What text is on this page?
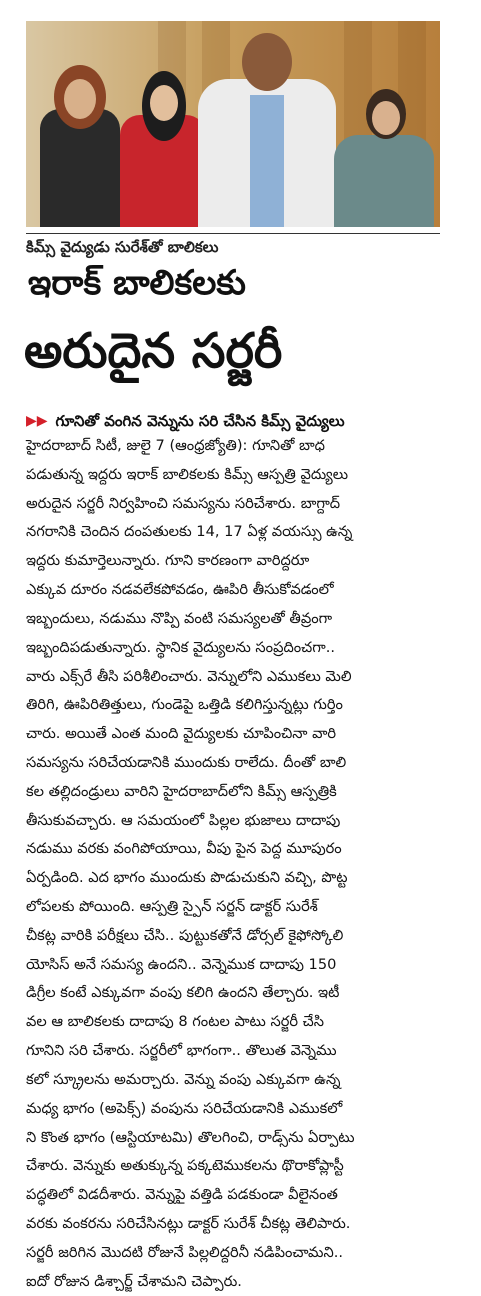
కిమ్స్ వైద్యుడు సురేశ్‌తో బాలికలు
ఇరాక్ బాలికలకు
అరుదైన సర్జరీ
▶▶ గూనితో వంగిన వెన్నును సరి చేసిన కిమ్స్ వైద్యులు
హైదరాబాద్ సిటీ, జులై 7 (ఆంధ్రజ్యోతి): గూనితో బాధ
పడుతున్న ఇద్దరు ఇరాక్ బాలికలకు కిమ్స్ ఆస్పత్రి వైద్యులు
అరుదైన సర్జరీ నిర్వహించి సమస్యను సరిచేశారు. బాగ్దాద్
నగరానికి చెందిన దంపతులకు 14, 17 ఏళ్ల వయస్సు ఉన్న
ఇద్దరు కుమార్తెలున్నారు. గూని కారణంగా వారిద్దరూ
ఎక్కువ దూరం నడవలేకపోవడం, ఊపిరి తీసుకోవడంలో
ఇబ్బందులు, నడుము నొప్పి వంటి సమస్యలతో తీవ్రంగా
ఇబ్బందిపడుతున్నారు. స్థానిక వైద్యులను సంప్రదించగా..
వారు ఎక్స్‌రే తీసి పరిశీలించారు. వెన్నులోని ఎముకలు మెలి
తిరిగి, ఊపిరితిత్తులు, గుండెపై ఒత్తిడి కలిగిస్తున్నట్లు గుర్తిం
చారు. అయితే ఎంత మంది వైద్యులకు చూపించినా వారి
సమస్యను సరిచేయడానికి ముందుకు రాలేదు. దీంతో బాలి
కల తల్లిదండ్రులు వారిని హైదరాబాద్‌లోని కిమ్స్ ఆస్పత్రికి
తీసుకువచ్చారు. ఆ సమయంలో పిల్లల భుజాలు దాదాపు
నడుము వరకు వంగిపోయాయి, వీపు పైన పెద్ద మూపురం
ఏర్పడింది. ఎద భాగం ముందుకు పొడుచుకుని వచ్చి, పొట్ట
లోపలకు పోయింది. ఆస్పత్రి స్పైన్ సర్జన్ డాక్టర్ సురేశ్
చీకట్ల వారికి పరీక్షలు చేసి.. పుట్టుకతోనే డోర్సల్ కైఫోస్కోలి
యోసిస్ అనే సమస్య ఉందని.. వెన్నెముక దాదాపు 150
డిగ్రీల కంటే ఎక్కువగా వంపు కలిగి ఉందని తేల్చారు. ఇటీ
వల ఆ బాలికలకు దాదాపు 8 గంటల పాటు సర్జరీ చేసి
గూనిని సరి చేశారు. సర్జరీలో భాగంగా.. తొలుత వెన్నెము
కలో స్క్రూలను అమర్చారు. వెన్ను వంపు ఎక్కువగా ఉన్న
మధ్య భాగం (అపెక్స్) వంపును సరిచేయడానికి ఎముకలో
ని కొంత భాగం (ఆస్టియాటమి) తొలగించి, రాడ్స్‌ను ఏర్పాటు
చేశారు. వెన్నుకు అతుక్కున్న పక్కటెముకలను థొరాకోప్లాస్టీ
పద్ధతిలో విడదీశారు. వెన్నుపై వత్తిడి పడకుండా వీలైనంత
వరకు వంకరను సరిచేసినట్లు డాక్టర్ సురేశ్ చీకట్ల తెలిపారు.
సర్జరీ జరిగిన మొదటి రోజునే పిల్లలిద్దరినీ నడిపించామని..
ఐదో రోజున డిశ్చార్జ్ చేశామని చెప్పారు.
